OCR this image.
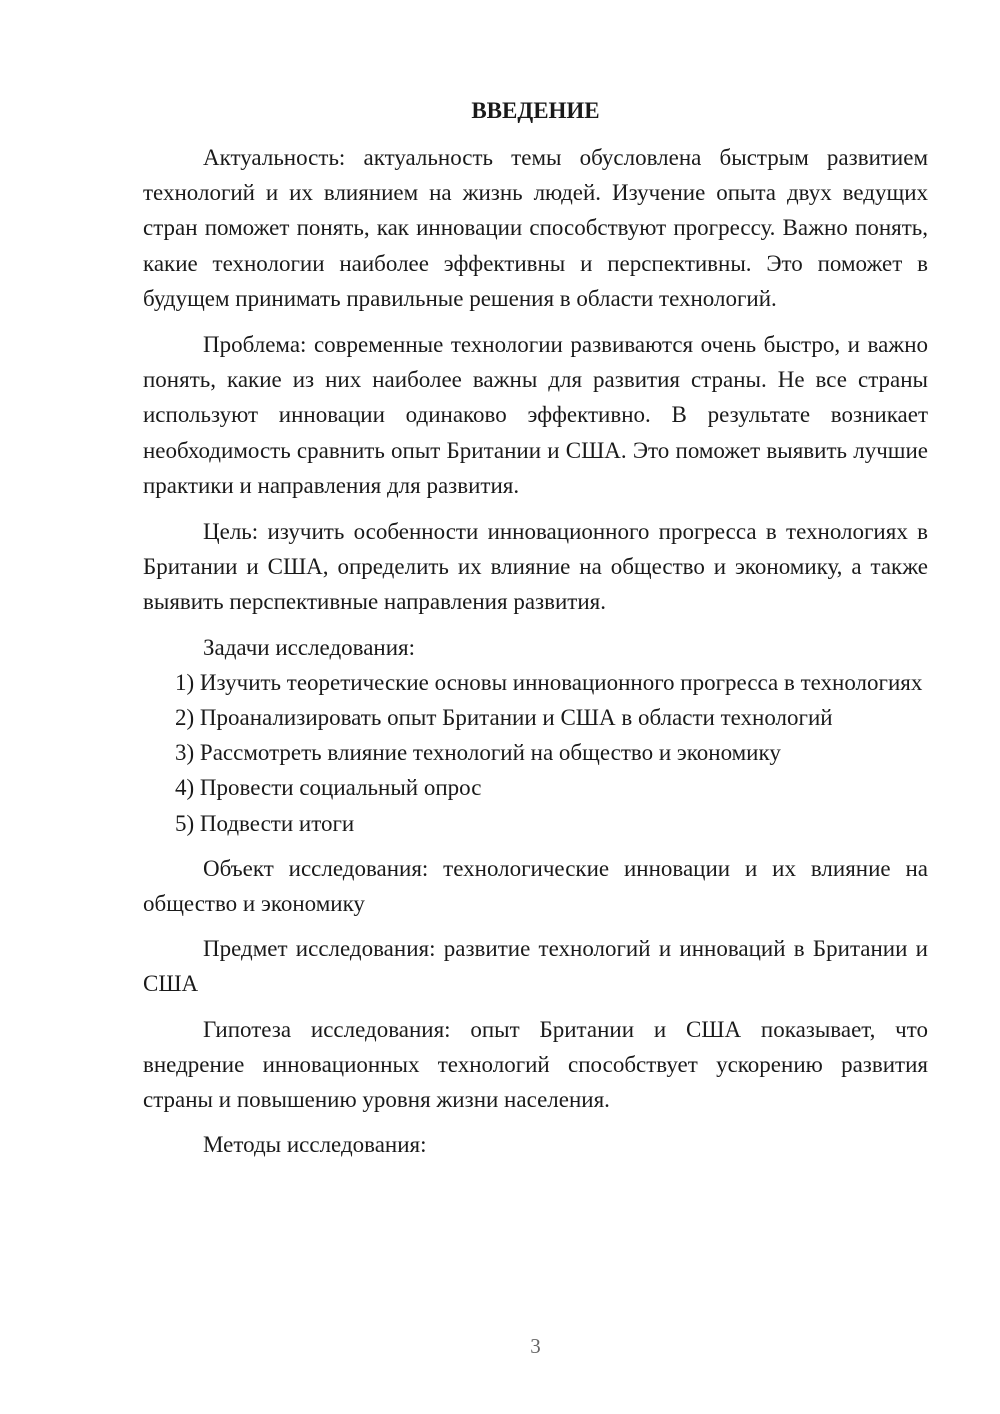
ВВЕДЕНИЕ

Актуальность: актуальность темы обусловлена быстрым развитием технологий и их влиянием на жизнь людей. Изучение опыта двух ведущих стран поможет понять, как инновации способствуют прогрессу. Важно понять, какие технологии наиболее эффективны и перспективны. Это поможет в будущем принимать правильные решения в области технологий.

Проблема: современные технологии развиваются очень быстро, и важно понять, какие из них наиболее важны для развития страны. Не все страны используют инновации одинаково эффективно. В результате возникает необходимость сравнить опыт Британии и США. Это поможет выявить лучшие практики и направления для развития.

Цель: изучить особенности инновационного прогресса в технологиях в Британии и США, определить их влияние на общество и экономику, а также выявить перспективные направления развития.

Задачи исследования:

1) Изучить теоретические основы инновационного прогресса в технологиях

2) Проанализировать опыт Британии и США в области технологий

3) Рассмотреть влияние технологий на общество и экономику

4) Провести социальный опрос

5) Подвести итоги

Объект исследования: технологические инновации и их влияние на общество и экономику

Предмет исследования: развитие технологий и инноваций в Британии и США

Гипотеза исследования: опыт Британии и США показывает, что внедрение инновационных технологий способствует ускорению развития страны и повышению уровня жизни населения.

Методы исследования:

3
